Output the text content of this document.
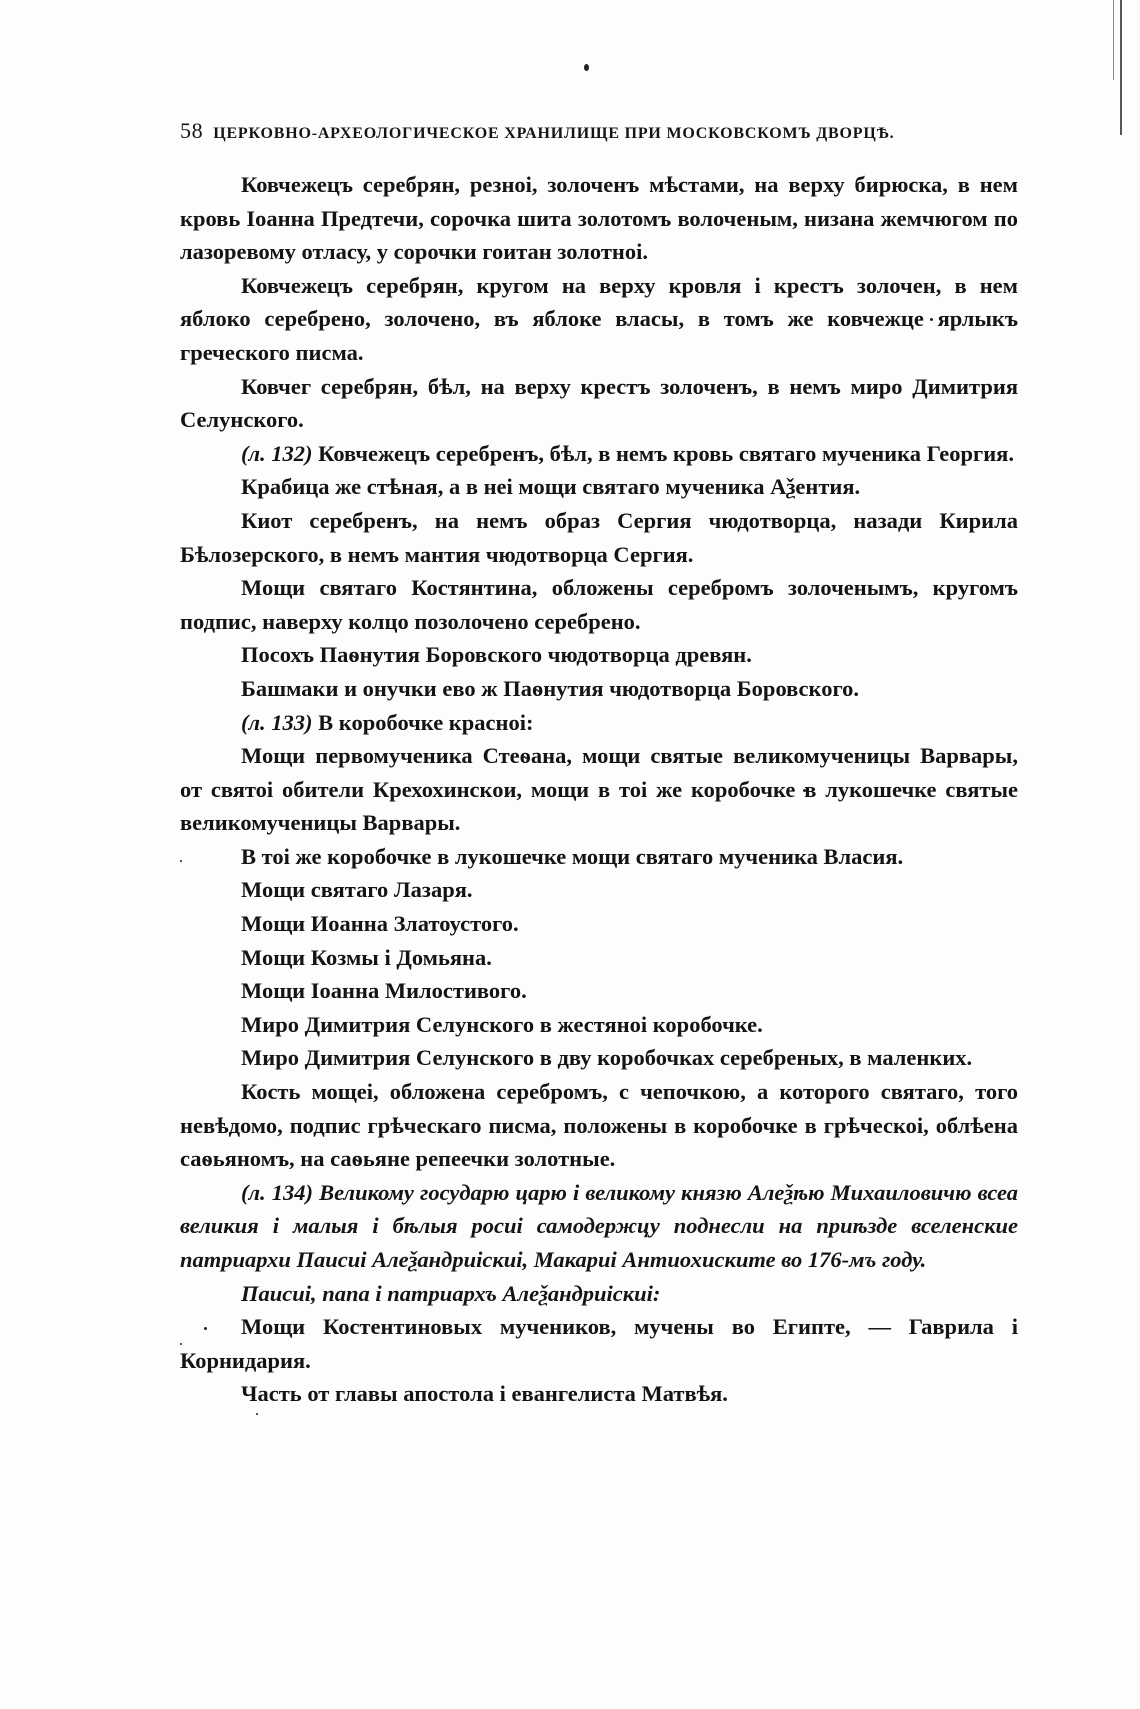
58 ЦЕРКОВНО-АРХЕОЛОГИЧЕСКОЕ ХРАНИЛИЩЕ ПРИ МОСКОВСКОМЪ ДВОРЦѢ.

Ковчежецъ серебрян, резноі, золоченъ мѣстами, на верху бирюска, в нем кровь Іоанна Предтечи, сорочка шита золотомъ волоченым, низана жемчюгом по лазоревому отласу, у сорочки гоитан золотноі.

Ковчежецъ серебрян, кругом на верху кровля і крестъ золочен, в нем яблоко серебрено, золочено, въ яблоке власы, в томъ же ковчежце ярлыкъ греческого писма.

Ковчег серебрян, бѣл, на верху крестъ золоченъ, в немъ миро Димитрия Селунского.

(л. 132) Ковчежецъ серебренъ, бѣл, в немъ кровь святаго мученика Георгия.

Крабица же стѣная, а в неі мощи святаго мученика Аѯентия.

Киот серебренъ, на немъ образ Сергия чюдотворца, назади Кирила Бѣлозерского, в немъ мантия чюдотворца Сергия.

Мощи святаго Костянтина, обложены серебромъ золоченымъ, кругомъ подпис, наверху колцо позолочено серебрено.

Посохъ Паѳнутия Боровского чюдотворца древян.

Башмаки и онучки ево ж Паѳнутия чюдотворца Боровского.

(л. 133) В коробочке красноі:

Мощи первомученика Стеѳана, мощи святые великомученицы Варвары, от святоі обители Крехохинскои, мощи в тоі же коробочке в лукошечке святые великомученицы Варвары.

В тоі же коробочке в лукошечке мощи святаго мученика Власия.

Мощи святаго Лазаря.

Мощи Иоанна Златоустого.

Мощи Козмы і Домьяна.

Мощи Іоанна Милостивого.

Миро Димитрия Селунского в жестяноі коробочке.

Миро Димитрия Селунского в дву коробочках серебреных, в маленких.

Кость мощеі, обложена серебромъ, с чепочкою, а которого святаго, того невѣдомо, подпис грѣческаго писма, положены в коробочке в грѣческоі, облѣена саѳьяномъ, на саѳьяне репеечки золотные.

(л. 134) Великому государю царю і великому князю Алеѯѣю Михаиловичю всеа великия і малыя і бѣлыя росиі самодержцу поднесли на приѣзде вселенские патриархи Паисиі Алеѯандриіскиі, Макариі Антиохиските во 176-мъ году.

Паисиі, папа і патриархъ Алеѯандриіскиі:

Мощи Костентиновых мучеников, мучены во Египте, — Гаврила і Корнидария.

Часть от главы апостола і евангелиста Матвѣя.
